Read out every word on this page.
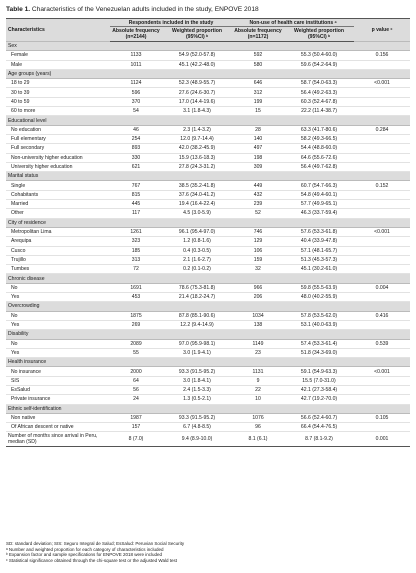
Table 1. Characteristics of the Venezuelan adults included in the study, ENPOVE 2018
Characteristics	Respondents included in the study		Non-use of health care institutions ᵃ		p value ᶜ
	Absolute frequency (n=2144)	Weighted proportion (95%CI) ᵇ	Absolute frequency (n=1172)	Weighted proportion (95%CI) ᵇ	
Sex					
Female	1133	54.9 (52.0-57.8)	592	55.3 (50.4-60.0)	0.156
Male	1011	45.1 (42.2-48.0)	580	59.6 (54.2-64.9)	
Age groups (years)					
18 to 29	1124	52.3 (48.9-55.7)	646	58.7 (54.0-63.3)	<0.001
30 to 39	596	27.6 (24.6-30.7)	312	56.4 (49.2-63.3)	
40 to 59	370	17.0 (14.4-19.6)	199	60.3 (52.4-67.8)	
60 to more	54	3.1 (1.8-4.3)	15	22.2 (11.4-38.7)	
Educational level					
No education	46	2.3 (1.4-3.2)	28	63.3 (41.7-80.6)	0.284
Full elementary	254	12.0 (9.7-14.4)	140	58.2 (49.3-66.5)	
Full secondary	893	42.0 (38.2-45.9)	497	54.4 (48.8-60.0)	
Non-university higher education	330	15.9 (13.6-18.3)	198	64.6 (55.6-72.6)	
University higher education	621	27.8 (24.3-31.2)	309	56.4 (49.7-62.8)	
Marital status					
Single	767	38.5 (35.2-41.8)	449	60.7 (54.7-66.3)	0.152
Cohabitants	815	37.6 (34.0-41.2)	432	54.8 (49.4-60.1)	
Married	445	19.4 (16.4-22.4)	239	57.7 (49.9-65.1)	
Other	117	4.5 (3.0-5.9)	52	46.3 (33.7-59.4)	
City of residence					
Metropolitan Lima	1261	96.1 (95.4-97.0)	746	57.6 (53.3-61.8)	<0.001
Arequipa	323	1.2 (0.8-1.6)	129	40.4 (33.9-47.8)	
Cusco	185	0.4 (0.3-0.5)	106	57.1 (48.1-65.7)	
Trujillo	313	2.1 (1.6-2.7)	159	51.3 (45.3-57.3)	
Tumbes	72	0.2 (0.1-0.2)	32	45.1 (30.2-61.0)	
Chronic disease					
No	1691	78.6 (75.3-81.8)	966	59.8 (55.5-63.9)	0.004
Yes	453	21.4 (18.2-24.7)	206	48.0 (40.2-55.9)	
Overcrowding					
No	1875	87.8 (85.1-90.6)	1034	57.8 (53.5-62.0)	0.416
Yes	269	12.2 (9.4-14.9)	138	53.1 (40.0-63.9)	
Disability					
No	2089	97.0 (95.9-98.1)	1149	57.4 (53.3-61.4)	0.539
Yes	55	3.0 (1.9-4.1)	23	51.8 (34.3-69.0)	
Health insurance					
No insurance	2000	93.3 (91.5-95.2)	1131	59.1 (54.9-63.3)	<0.001
SIS	64	3.0 (1.8-4.1)	9	15.5 (7.0-31.0)	
EsSalud	56	2.4 (1.5-3.3)	22	42.1 (27.3-58.4)	
Private insurance	24	1.3 (0.5-2.1)	10	42.7 (19.2-70.0)	
Ethnic self-identification					
Non native	1987	93.3 (91.5-95.2)	1076	56.6 (52.4-60.7)	0.105
Of African descent or native	157	6.7 (4.8-8.5)	96	66.4 (54.4-76.5)	
Number of months since arrival in Peru, median (SD)	8 (7.0)	9.4 (8.9-10.0)	8.1 (6.1)	8.7 (8.1-9.2)	0.001
SD: standard deviation; SIS: Seguro Integral de Salud; EsSalud: Peruvian Social Security
ᵃ Number and weighted proportion for each category of characteristics included
ᵇ Expansion factor and sample specifications for ENPOVE 2018 were included
ᶜ Statistical significance obtained through the chi-square test or the adjusted Wald test
